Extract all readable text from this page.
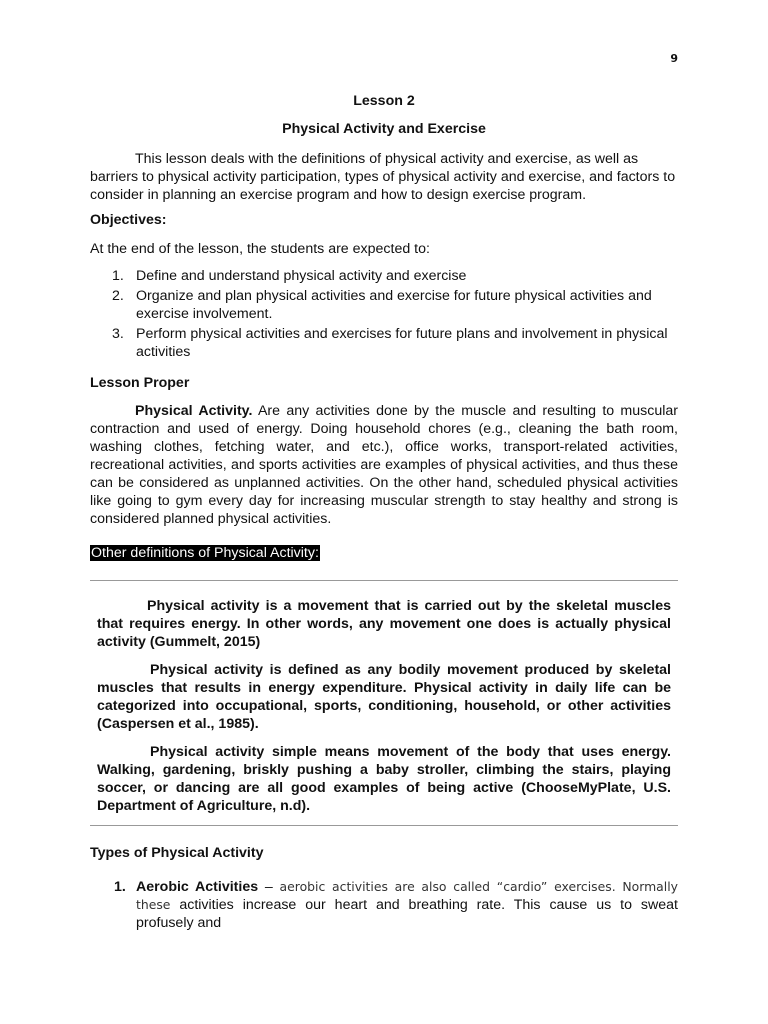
9

Lesson 2

Physical Activity and Exercise

This lesson deals with the definitions of physical activity and exercise, as well as barriers to physical activity participation, types of physical activity and exercise, and factors to consider in planning an exercise program and how to design exercise program.

Objectives:

At the end of the lesson, the students are expected to:

1. Define and understand physical activity and exercise
2. Organize and plan physical activities and exercise for future physical activities and exercise involvement.
3. Perform physical activities and exercises for future plans and involvement in physical activities

Lesson Proper

Physical Activity. Are any activities done by the muscle and resulting to muscular contraction and used of energy. Doing household chores (e.g., cleaning the bath room, washing clothes, fetching water, and etc.), office works, transport-related activities, recreational activities, and sports activities are examples of physical activities, and thus these can be considered as unplanned activities. On the other hand, scheduled physical activities like going to gym every day for increasing muscular strength to stay healthy and strong is considered planned physical activities.

Other definitions of Physical Activity:

Physical activity is a movement that is carried out by the skeletal muscles that requires energy. In other words, any movement one does is actually physical activity (Gummelt, 2015)

Physical activity is defined as any bodily movement produced by skeletal muscles that results in energy expenditure. Physical activity in daily life can be categorized into occupational, sports, conditioning, household, or other activities (Caspersen et al., 1985).

Physical activity simple means movement of the body that uses energy. Walking, gardening, briskly pushing a baby stroller, climbing the stairs, playing soccer, or dancing are all good examples of being active (ChooseMyPlate, U.S. Department of Agriculture, n.d).

Types of Physical Activity

1. Aerobic Activities – aerobic activities are also called “cardio” exercises. Normally these activities increase our heart and breathing rate. This cause us to sweat profusely and
